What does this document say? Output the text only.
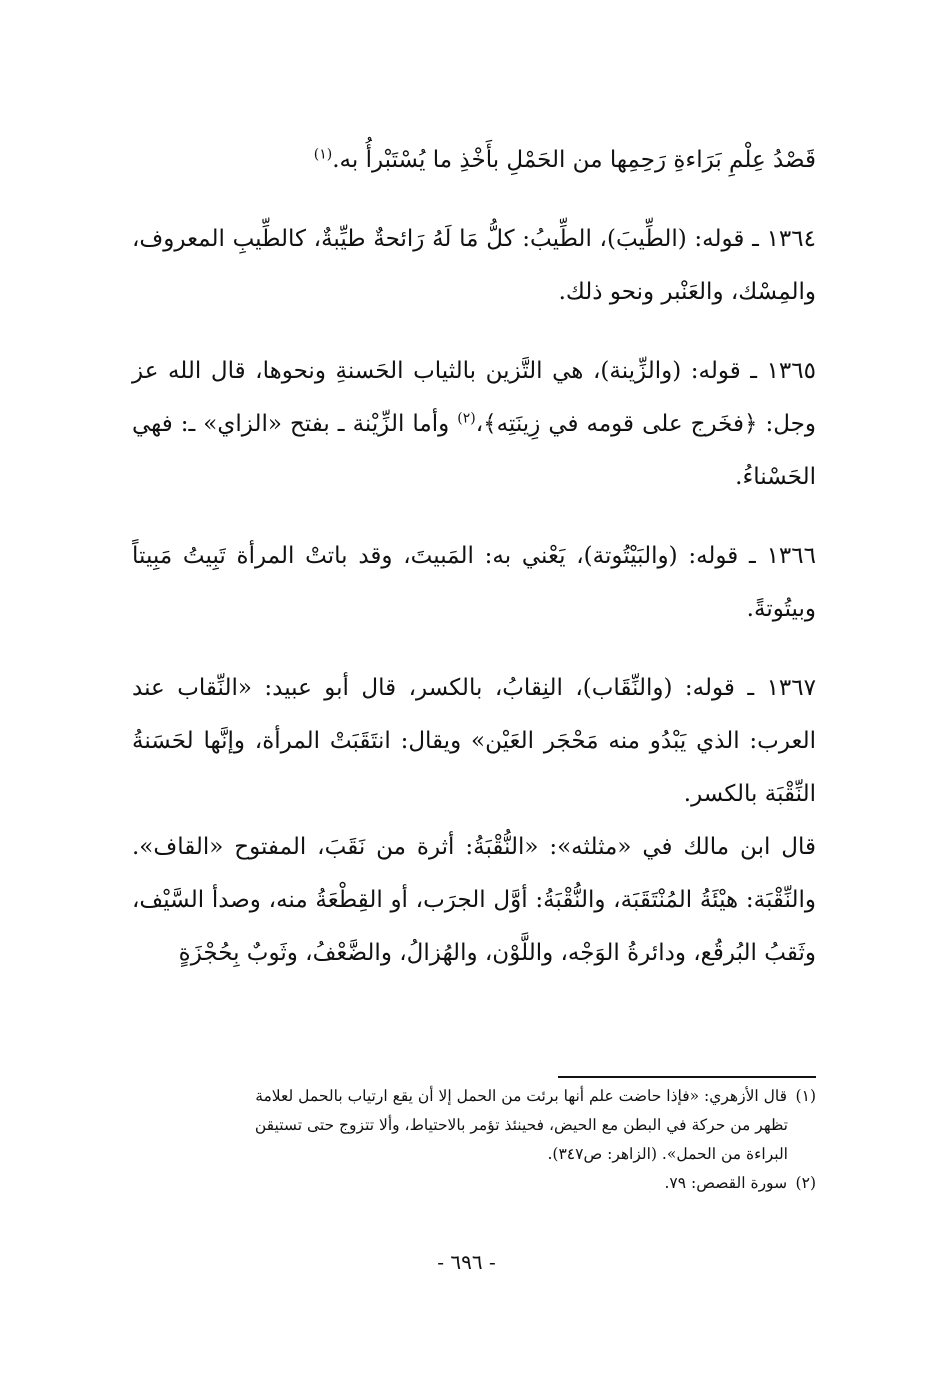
قَصْدُ عِلْمِ بَرَاءةِ رَحِمِها من الحَمْلِ بأَخْذِ ما يُسْتَبْرأُ به.$^{(١)}$

١٣٦٤ ـ قوله: (الطِّيبَ)، الطِّيبُ: كلُّ مَا لَهُ رَائحةٌ طيِّبةٌ، كالطِّيبِ المعروف، والمِسْك، والعَنْبر ونحو ذلك.

١٣٦٥ ـ قوله: (والزِّينة)، هي التَّزين بالثياب الحَسنةِ ونحوها، قال الله عز وجل: ﴿فخَرج على قومه في زِينَتِه﴾،$^{(٢)}$ وأما الزِّيْنة ـ بفتح «الزاي» ـ: فهي الحَسْناءُ.

١٣٦٦ ـ قوله: (والبَيْتُوتة)، يَعْني به: المَبيتَ، وقد باتتْ المرأة تَبِيتُ مَبِيتاً وبيتُوتةً.

١٣٦٧ ـ قوله: (والنِّقَاب)، النِقابُ، بالكسر، قال أبو عبيد: «النِّقاب عند العرب: الذي يَبْدُو منه مَحْجَر العَيْن» ويقال: انتَقَبَتْ المرأة، وإنَّها لحَسَنةُ النِّقْبَة بالكسر.

قال ابن مالك في «مثلثه»: «النُّقْبَةُ: أثرة من نَقَبَ، المفتوح «القاف». والنِّقْبَة: هيْئَةُ المُنْتَقَبَة، والنُّقْبَةُ: أوَّل الجرَب، أو القِطْعَةُ منه، وصدأ السَّيْف، وثَقبُ البُرقُع، ودائرةُ الوَجْه، واللَّوْن، والهُزالُ، والضَّعْفُ، وثَوبٌ بِحُجْزَةٍ

(١) قال الأزهري: «فإذا حاضت علم أنها برئت من الحمل إلا أن يقع ارتياب بالحمل لعلامة

تظهر من حركة في البطن مع الحيض، فحينئذ تؤمر بالاحتياط، وألا تتزوج حتى تستيقن

البراءة من الحمل». (الزاهر: ص٣٤٧).

(٢) سورة القصص: ٧٩.

- ٦٩٦ -
